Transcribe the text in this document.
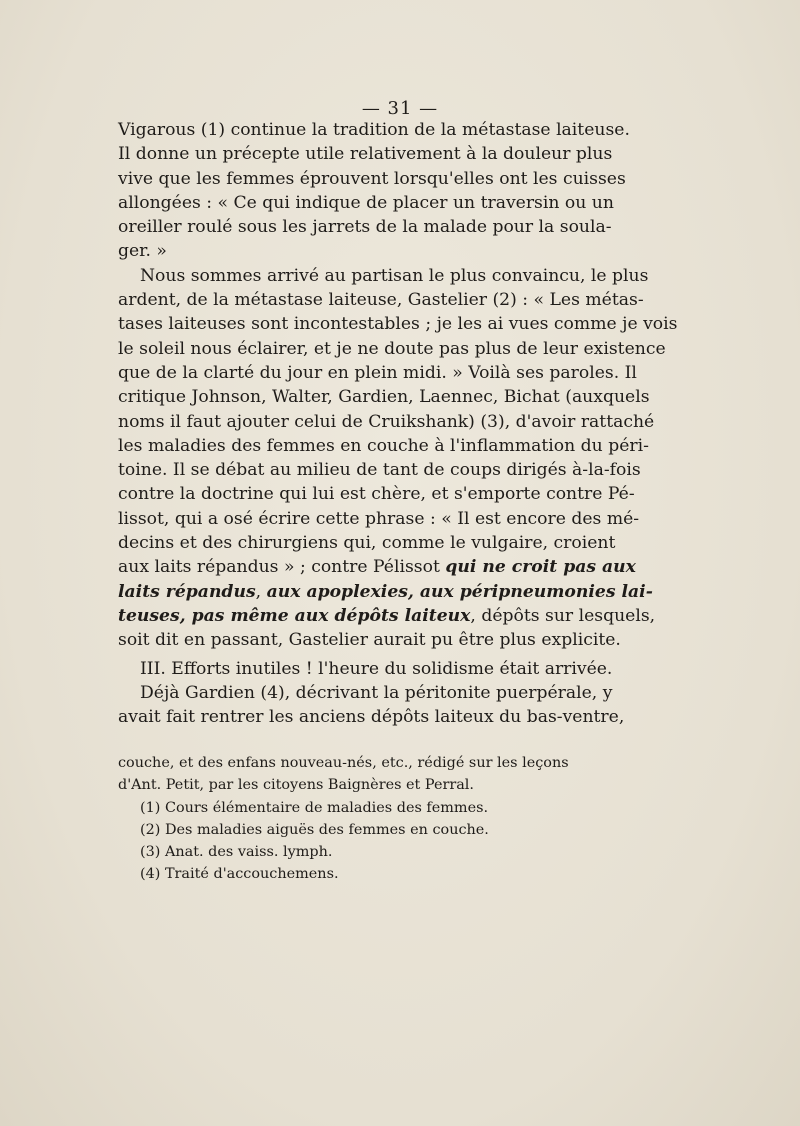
— 31 —
Vigarous (1) continue la tradition de la métastase laiteuse.
Il donne un précepte utile relativement à la douleur plus
vive que les femmes éprouvent lorsqu'elles ont les cuisses
allongées : « Ce qui indique de placer un traversin ou un
oreiller roulé sous les jarrets de la malade pour la soula-
ger. »
Nous sommes arrivé au partisan le plus convaincu, le plus
ardent, de la métastase laiteuse, Gastelier (2) : « Les métas-
tases laiteuses sont incontestables ; je les ai vues comme je vois
le soleil nous éclairer, et je ne doute pas plus de leur existence
que de la clarté du jour en plein midi. » Voilà ses paroles. Il
critique Johnson, Walter, Gardien, Laennec, Bichat (auxquels
noms il faut ajouter celui de Cruikshank) (3), d'avoir rattaché
les maladies des femmes en couche à l'inflammation du péri-
toine. Il se débat au milieu de tant de coups dirigés à-la-fois
contre la doctrine qui lui est chère, et s'emporte contre Pé-
lissot, qui a osé écrire cette phrase : « Il est encore des mé-
decins et des chirurgiens qui, comme le vulgaire, croient
aux laits répandus » ; contre Pélissot qui ne croit pas aux
laits répandus, aux apoplexies, aux péripneumonies lai-
teuses, pas même aux dépôts laiteux, dépôts sur lesquels,
soit dit en passant, Gastelier aurait pu être plus explicite.
III. Efforts inutiles ! l'heure du solidisme était arrivée.
Déjà Gardien (4), décrivant la péritonite puerpérale, y
avait fait rentrer les anciens dépôts laiteux du bas-ventre,
couche, et des enfans nouveau-nés, etc., rédigé sur les leçons
d'Ant. Petit, par les citoyens Baignères et Perral.
(1) Cours élémentaire de maladies des femmes.
(2) Des maladies aiguës des femmes en couche.
(3) Anat. des vaiss. lymph.
(4) Traité d'accouchemens.
